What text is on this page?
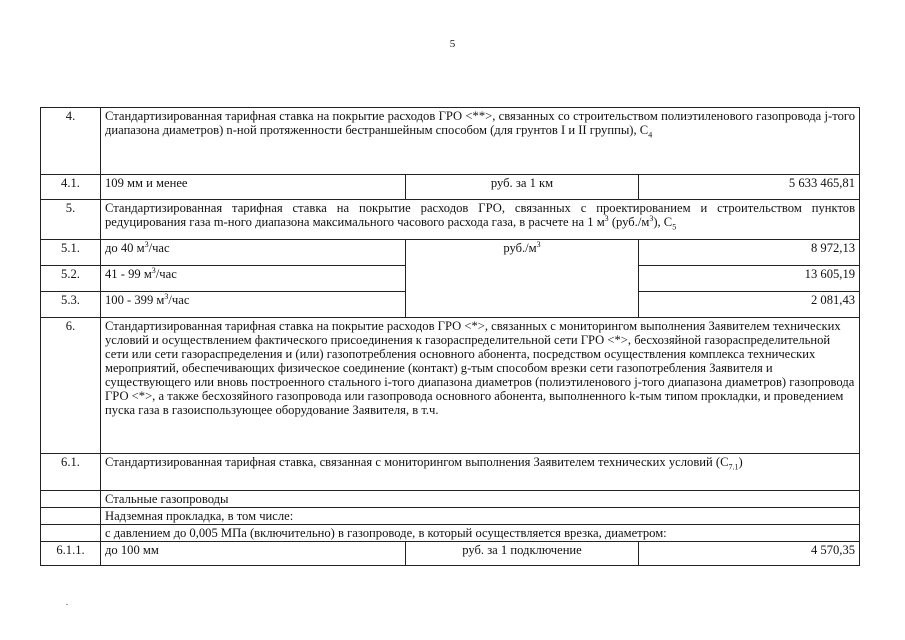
5
4.	Стандартизированная тарифная ставка на покрытие расходов ГРО <**>, связанных со строительством полиэтиленового газопровода j-того диапазона диаметров) n-ной протяженности бестраншейным способом (для грунтов I и II группы), $С_4$
4.1.	109 мм и менее	руб. за 1 км	5 633 465,81
5.	Стандартизированная тарифная ставка на покрытие расходов ГРО, связанных с проектированием и строительством пунктов редуцирования газа m-ного диапазона максимального часового расхода газа, в расчете на 1 $м^3$ $(руб./м^3)$, $С_5$
5.1.	до 40 $м^3$/час	$руб./м^3$	8 972,13
5.2.	41 - 99 $м^3$/час		13 605,19
5.3.	100 - 399 $м^3$/час		2 081,43
6.	Стандартизированная тарифная ставка на покрытие расходов ГРО <*>, связанных с мониторингом выполнения Заявителем технических условий и осуществлением фактического присоединения к газораспределительной сети ГРО <*>, бесхозяйной газораспределительной сети или сети газораспределения и (или) газопотребления основного абонента, посредством осуществления комплекса технических мероприятий, обеспечивающих физическое соединение (контакт) g-тым способом врезки сети газопотребления Заявителя и существующего или вновь построенного стального i-того диапазона диаметров (полиэтиленового j-того диапазона диаметров) газопровода ГРО <*>, а также бесхозяйного газопровода или газопровода основного абонента, выполненного k-тым типом прокладки, и проведением пуска газа в газоиспользующее оборудование Заявителя, в т.ч.		
6.1.	Стандартизированная тарифная ставка, связанная с мониторингом выполнения Заявителем технических условий $(С_{7.1})$		
	Стальные газопроводы		
	Надземная прокладка, в том числе:		
	с давлением до 0,005 МПа (включительно) в газопроводе, в который осуществляется врезка, диаметром:		
6.1.1.	до 100 мм	руб. за 1 подключение	4 570,35
